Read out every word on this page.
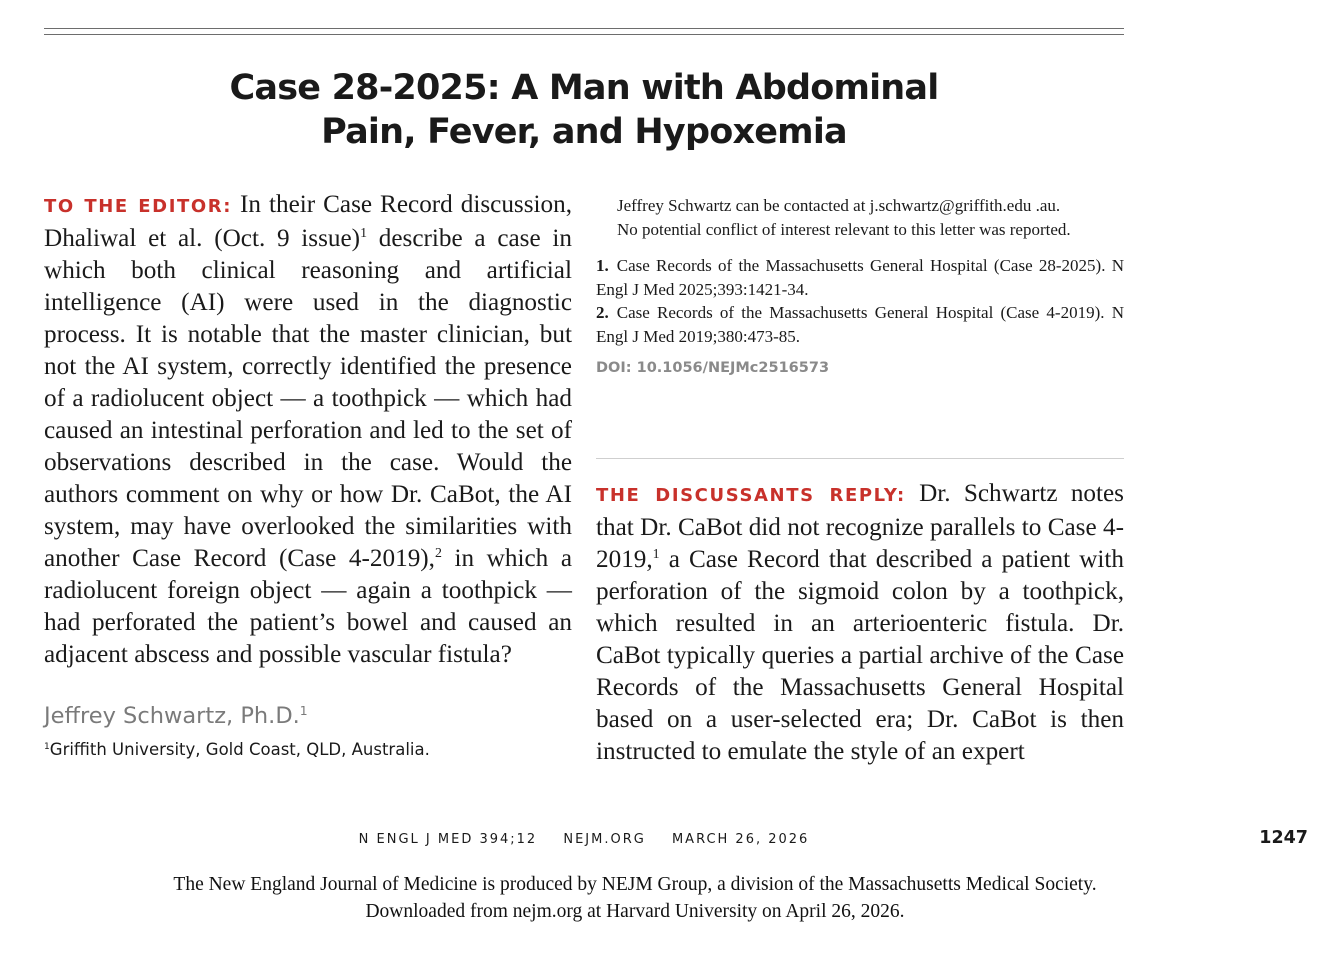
Case 28-2025: A Man with Abdominal
Pain, Fever, and Hypoxemia
TO THE EDITOR: In their Case Record discussion, Dhaliwal et al. (Oct. 9 issue)$^1$ describe a case in which both clinical reasoning and artificial intelligence (AI) were used in the diagnostic process. It is notable that the master clinician, but not the AI system, correctly identified the presence of a radiolucent object — a toothpick — which had caused an intestinal perforation and led to the set of observations described in the case. Would the authors comment on why or how Dr. CaBot, the AI system, may have overlooked the similarities with another Case Record (Case 4-2019),$^2$ in which a radiolucent foreign object — again a toothpick — had perforated the patient’s bowel and caused an adjacent abscess and possible vascular fistula?
Jeffrey Schwartz, Ph.D.$^1$
$^1$Griffith University, Gold Coast, QLD, Australia.

Jeffrey Schwartz can be contacted at j.schwartz@griffith.edu .au.

No potential conflict of interest relevant to this letter was reported.

1. Case Records of the Massachusetts General Hospital (Case 28-2025). N Engl J Med 2025;393:1421-34.

2. Case Records of the Massachusetts General Hospital (Case 4-2019). N Engl J Med 2019;380:473-85.

DOI: 10.1056/NEJMc2516573
THE DISCUSSANTS REPLY: Dr. Schwartz notes that Dr. CaBot did not recognize parallels to Case 4-2019,$^1$ a Case Record that described a patient with perforation of the sigmoid colon by a toothpick, which resulted in an arterioenteric fistula. Dr. CaBot typically queries a partial archive of the Case Records of the Massachusetts General Hospital based on a user-selected era; Dr. CaBot is then instructed to emulate the style of an expert
N ENGL J MED 394;12 NEJM.ORG MARCH 26, 2026	1247
The New England Journal of Medicine is produced by NEJM Group, a division of the Massachusetts Medical Society.
Downloaded from nejm.org at Harvard University on April 26, 2026.
